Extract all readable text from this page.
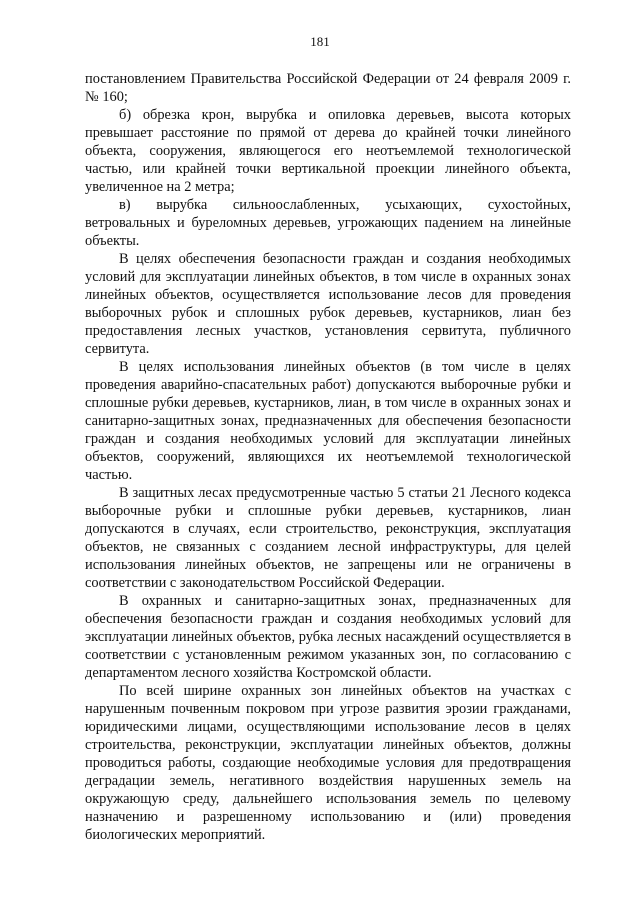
181

постановлением Правительства Российской Федерации от 24 февраля 2009 г. № 160;

б) обрезка крон, вырубка и опиловка деревьев, высота которых превышает расстояние по прямой от дерева до крайней точки линейного объекта, сооружения, являющегося его неотъемлемой технологической частью, или крайней точки вертикальной проекции линейного объекта, увеличенное на 2 метра;

в) вырубка сильноослабленных, усыхающих, сухостойных, ветровальных и буреломных деревьев, угрожающих падением на линейные объекты.

В целях обеспечения безопасности граждан и создания необходимых условий для эксплуатации линейных объектов, в том числе в охранных зонах линейных объектов, осуществляется использование лесов для проведения выборочных рубок и сплошных рубок деревьев, кустарников, лиан без предоставления лесных участков, установления сервитута, публичного сервитута.

В целях использования линейных объектов (в том числе в целях проведения аварийно-спасательных работ) допускаются выборочные рубки и сплошные рубки деревьев, кустарников, лиан, в том числе в охранных зонах и санитарно-защитных зонах, предназначенных для обеспечения безопасности граждан и создания необходимых условий для эксплуатации линейных объектов, сооружений, являющихся их неотъемлемой технологической частью.

В защитных лесах предусмотренные частью 5 статьи 21 Лесного кодекса выборочные рубки и сплошные рубки деревьев, кустарников, лиан допускаются в случаях, если строительство, реконструкция, эксплуатация объектов, не связанных с созданием лесной инфраструктуры, для целей использования линейных объектов, не запрещены или не ограничены в соответствии с законодательством Российской Федерации.

В охранных и санитарно-защитных зонах, предназначенных для обеспечения безопасности граждан и создания необходимых условий для эксплуатации линейных объектов, рубка лесных насаждений осуществляется в соответствии с установленным режимом указанных зон, по согласованию с департаментом лесного хозяйства Костромской области.

По всей ширине охранных зон линейных объектов на участках с нарушенным почвенным покровом при угрозе развития эрозии гражданами, юридическими лицами, осуществляющими использование лесов в целях строительства, реконструкции, эксплуатации линейных объектов, должны проводиться работы, создающие необходимые условия для предотвращения деградации земель, негативного воздействия нарушенных земель на окружающую среду, дальнейшего использования земель по целевому назначению и разрешенному использованию и (или) проведения биологических мероприятий.
